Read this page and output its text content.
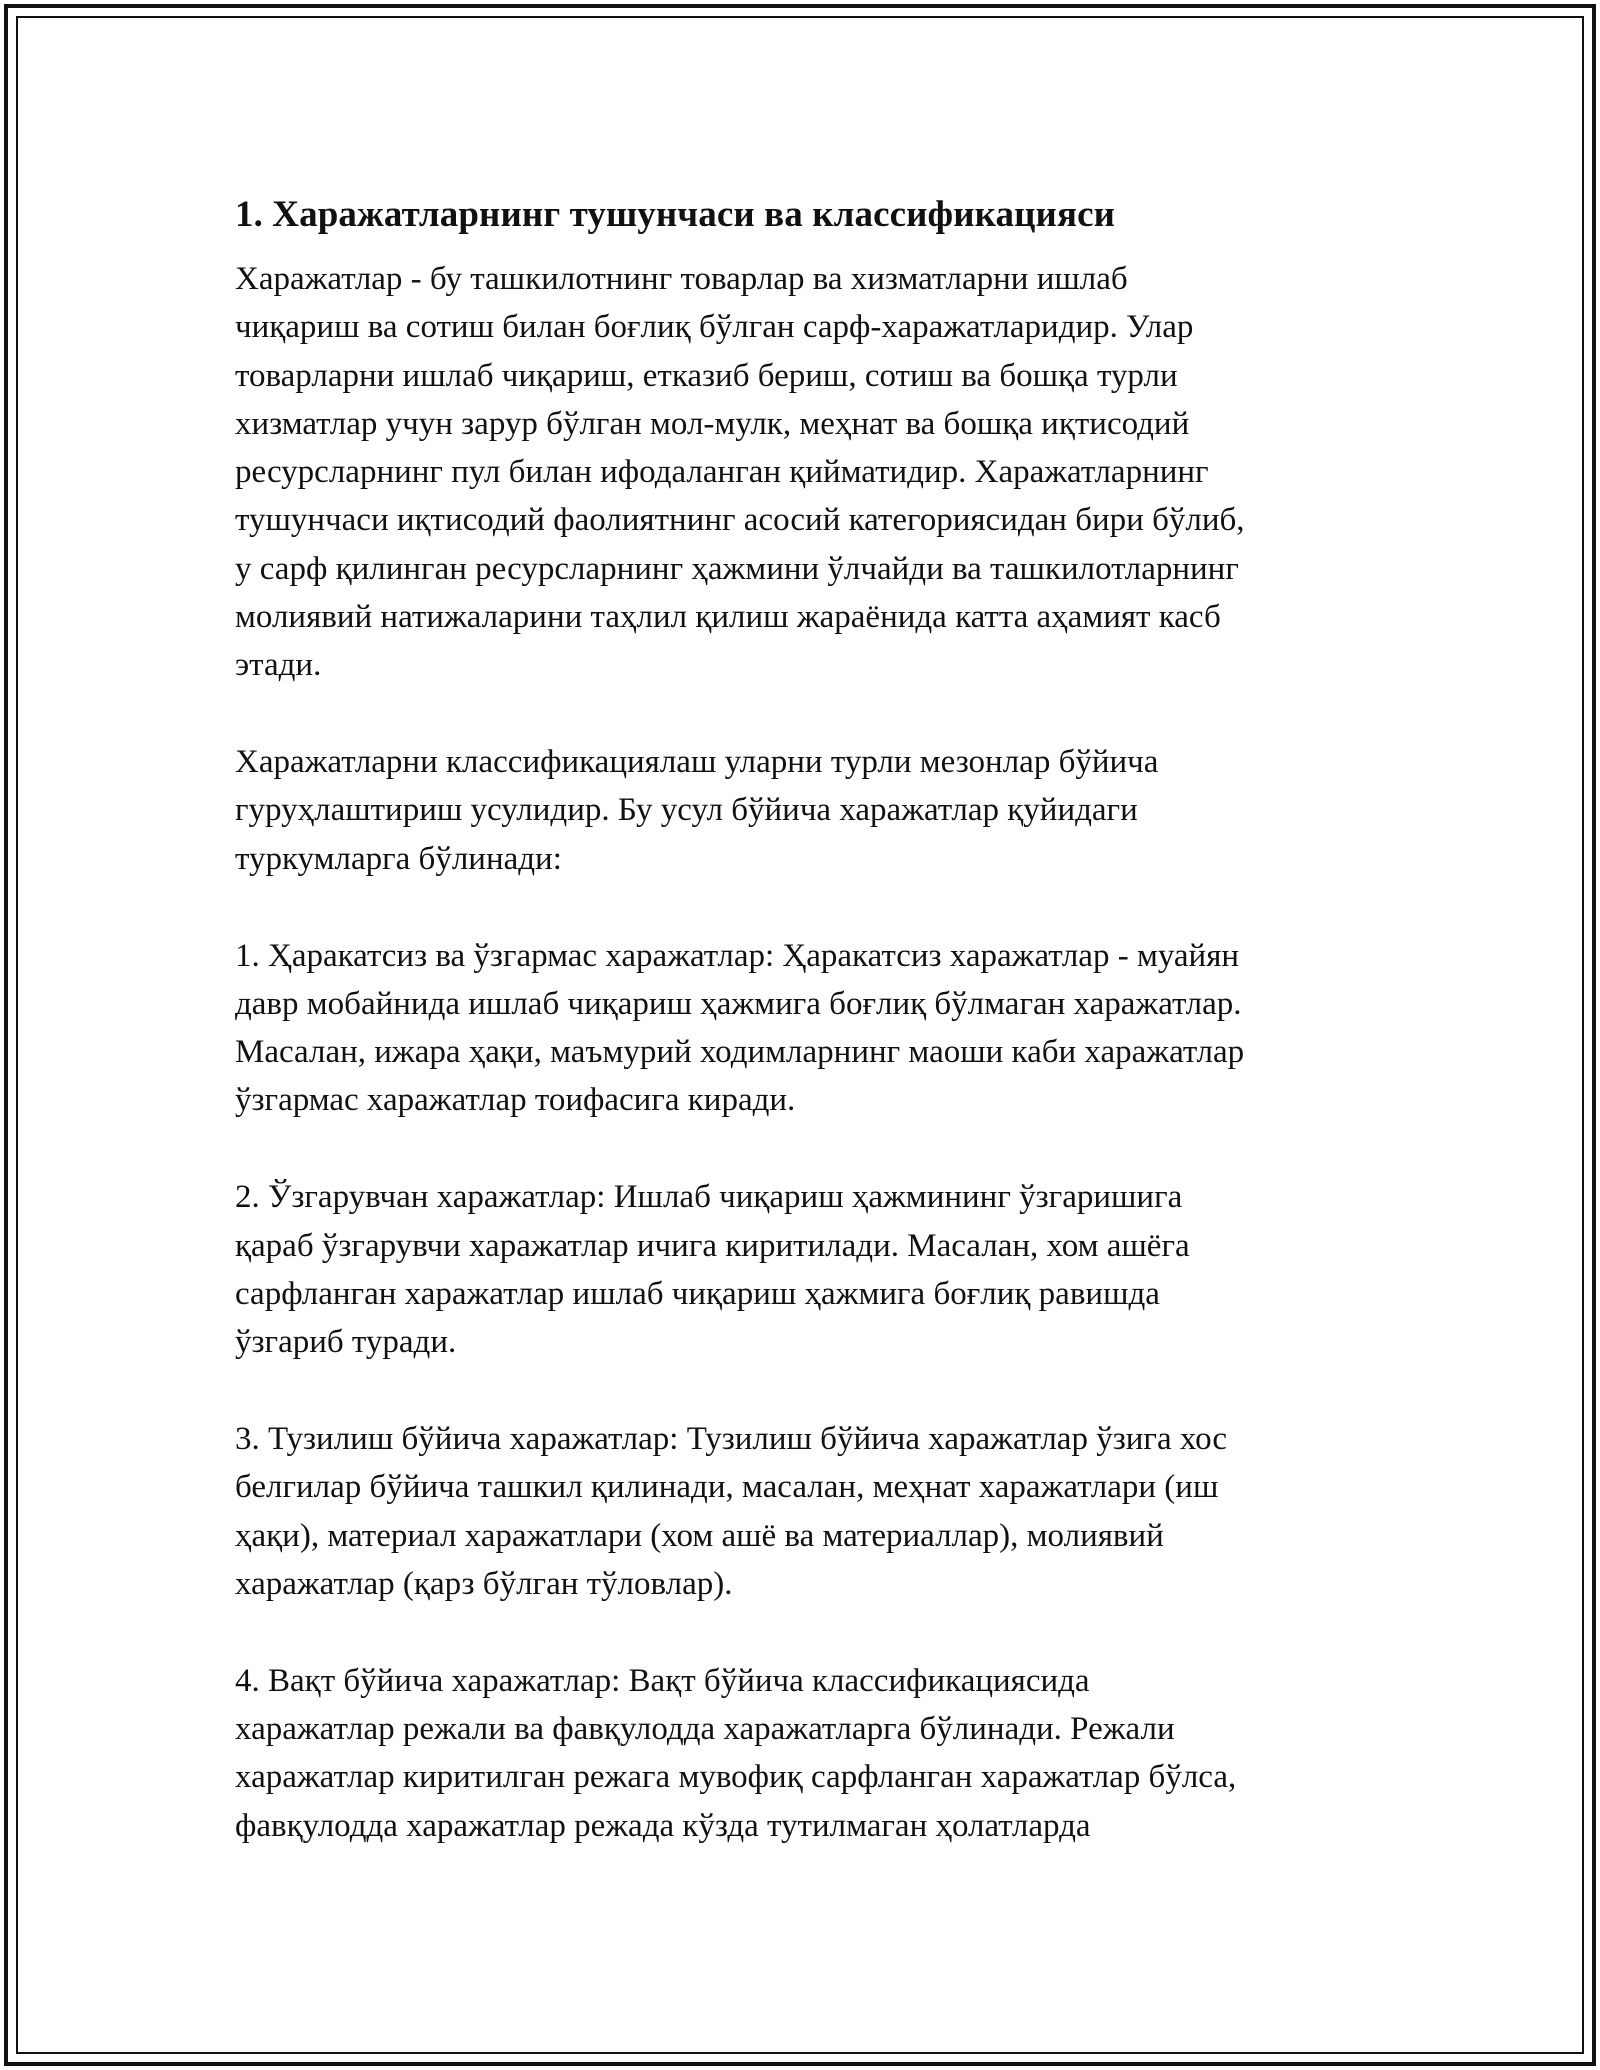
1. Харажатларнинг тушунчаси ва классификацияси

Харажатлар - бу ташкилотнинг товарлар ва хизматларни ишлаб
чиқариш ва сотиш билан боғлиқ бўлган сарф-харажатларидир. Улар
товарларни ишлаб чиқариш, етказиб бериш, сотиш ва бошқа турли
хизматлар учун зарур бўлган мол-мулк, меҳнат ва бошқа иқтисодий
ресурсларнинг пул билан ифодаланган қийматидир. Харажатларнинг
тушунчаси иқтисодий фаолиятнинг асосий категориясидан бири бўлиб,
у сарф қилинган ресурсларнинг ҳажмини ўлчайди ва ташкилотларнинг
молиявий натижаларини таҳлил қилиш жараёнида катта аҳамият касб
этади.

Харажатларни классификациялаш уларни турли мезонлар бўйича
гуруҳлаштириш усулидир. Бу усул бўйича харажатлар қуйидаги
туркумларга бўлинади:

1. Ҳаракатсиз ва ўзгармас харажатлар: Ҳаракатсиз харажатлар - муайян
давр мобайнида ишлаб чиқариш ҳажмига боғлиқ бўлмаган харажатлар.
Масалан, ижара ҳақи, маъмурий ходимларнинг маоши каби харажатлар
ўзгармас харажатлар тоифасига киради.

2. Ўзгарувчан харажатлар: Ишлаб чиқариш ҳажмининг ўзгаришига
қараб ўзгарувчи харажатлар ичига киритилади. Масалан, хом ашёга
сарфланган харажатлар ишлаб чиқариш ҳажмига боғлиқ равишда
ўзгариб туради.

3. Тузилиш бўйича харажатлар: Тузилиш бўйича харажатлар ўзига хос
белгилар бўйича ташкил қилинади, масалан, меҳнат харажатлари (иш
ҳақи), материал харажатлари (хом ашё ва материаллар), молиявий
харажатлар (қарз бўлган тўловлар).

4. Вақт бўйича харажатлар: Вақт бўйича классификациясида
харажатлар режали ва фавқулодда харажатларга бўлинади. Режали
харажатлар киритилган режага мувофиқ сарфланган харажатлар бўлса,
фавқулодда харажатлар режада кўзда тутилмаган ҳолатларда
